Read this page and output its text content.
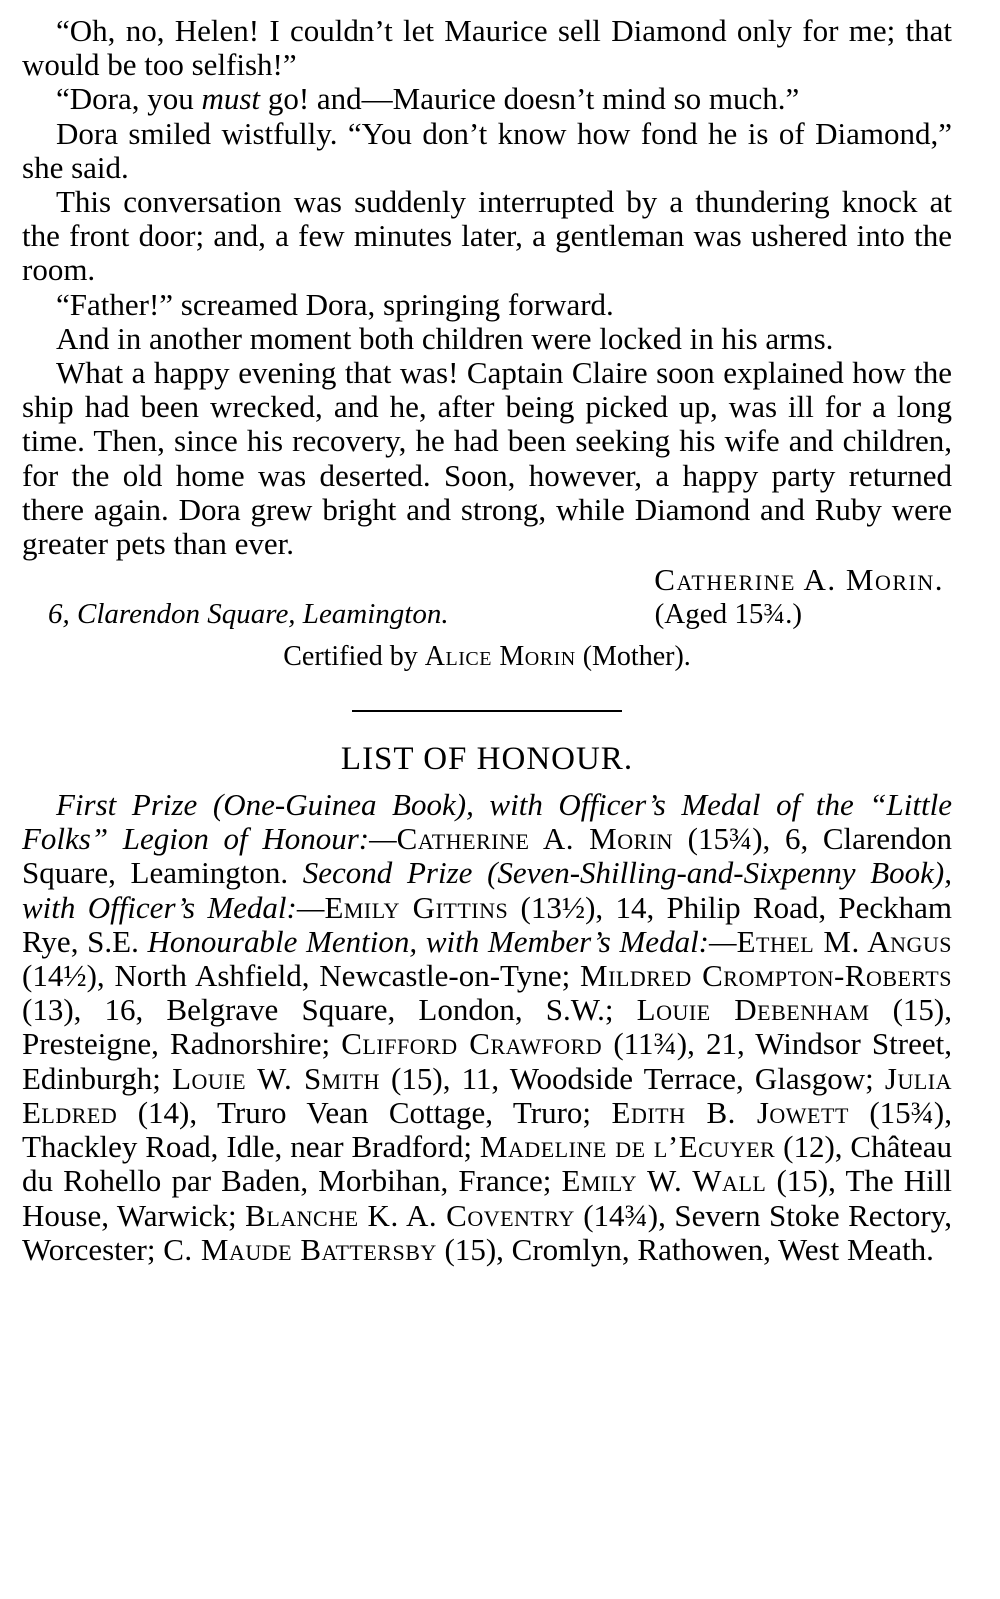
“Oh, no, Helen! I couldn’t let Maurice sell Diamond only for me; that would be too selfish!”

“Dora, you must go! and—Maurice doesn’t mind so much.”

Dora smiled wistfully. “You don’t know how fond he is of Diamond,” she said.

This conversation was suddenly interrupted by a thundering knock at the front door; and, a few minutes later, a gentleman was ushered into the room.

“Father!” screamed Dora, springing forward.

And in another moment both children were locked in his arms.

What a happy evening that was! Captain Claire soon explained how the ship had been wrecked, and he, after being picked up, was ill for a long time. Then, since his recovery, he had been seeking his wife and children, for the old home was deserted. Soon, however, a happy party returned there again. Dora grew bright and strong, while Diamond and Ruby were greater pets than ever.

Catherine A. Morin.
6, Clarendon Square, Leamington.	(Aged 15¾.)
Certified by Alice Morin (Mother).
LIST OF HONOUR.

First Prize (One-Guinea Book), with Officer’s Medal of the “Little Folks” Legion of Honour:—Catherine A. Morin (15¾), 6, Clarendon Square, Leamington. Second Prize (Seven-Shilling-and-Sixpenny Book), with Officer’s Medal:—Emily Gittins (13½), 14, Philip Road, Peckham Rye, S.E. Honourable Mention, with Member’s Medal:—Ethel M. Angus (14½), North Ashfield, Newcastle-on-Tyne; Mildred Crompton-Roberts (13), 16, Belgrave Square, London, S.W.; Louie Debenham (15), Presteigne, Radnorshire; Clifford Crawford (11¾), 21, Windsor Street, Edinburgh; Louie W. Smith (15), 11, Woodside Terrace, Glasgow; Julia Eldred (14), Truro Vean Cottage, Truro; Edith B. Jowett (15¾), Thackley Road, Idle, near Bradford; Madeline de l’Ecuyer (12), Château du Rohello par Baden, Morbihan, France; Emily W. Wall (15), The Hill House, Warwick; Blanche K. A. Coventry (14¾), Severn Stoke Rectory, Worcester; C. Maude Battersby (15), Cromlyn, Rathowen, West Meath.
